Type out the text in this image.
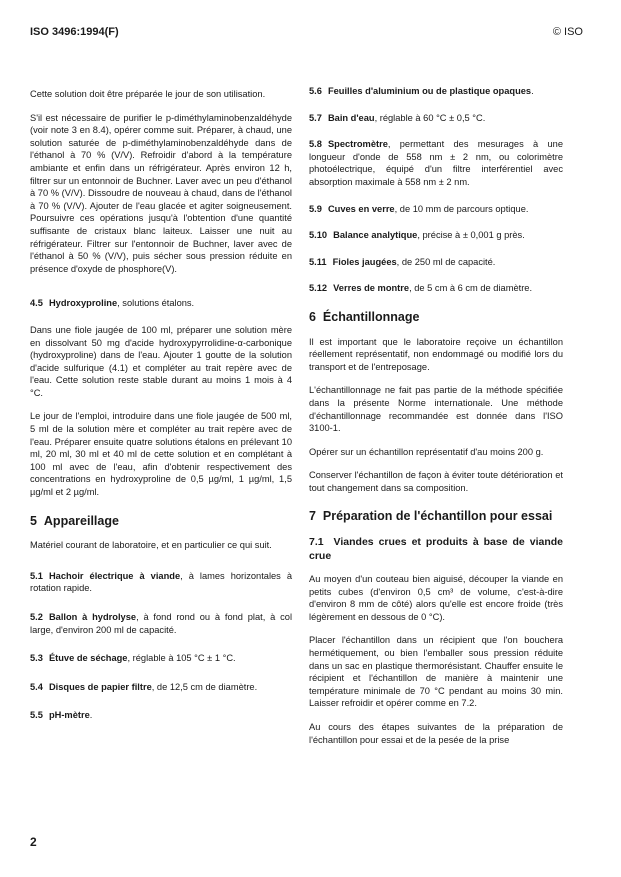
ISO 3496:1994(F)	© ISO

Cette solution doit être préparée le jour de son utilisation.

S'il est nécessaire de purifier le p-diméthylaminobenzaldéhyde (voir note 3 en 8.4), opérer comme suit. Préparer, à chaud, une solution saturée de p-diméthylaminobenzaldéhyde dans de l'éthanol à 70 % (V/V). Refroidir d'abord à la température ambiante et enfin dans un réfrigérateur. Après environ 12 h, filtrer sur un entonnoir de Buchner. Laver avec un peu d'éthanol à 70 % (V/V). Dissoudre de nouveau à chaud, dans de l'éthanol à 70 % (V/V). Ajouter de l'eau glacée et agiter soigneusement. Poursuivre ces opérations jusqu'à l'obtention d'une quantité suffisante de cristaux blanc laiteux. Laisser une nuit au réfrigérateur. Filtrer sur l'entonnoir de Buchner, laver avec de l'éthanol à 50 % (V/V), puis sécher sous pression réduite en présence d'oxyde de phosphore(V).

4.5 Hydroxyproline, solutions étalons.

Dans une fiole jaugée de 100 ml, préparer une solution mère en dissolvant 50 mg d'acide hydroxypyrrolidine-α-carbonique (hydroxyproline) dans de l'eau. Ajouter 1 goutte de la solution d'acide sulfurique (4.1) et compléter au trait repère avec de l'eau. Cette solution reste stable durant au moins 1 mois à 4 °C.

Le jour de l'emploi, introduire dans une fiole jaugée de 500 ml, 5 ml de la solution mère et compléter au trait repère avec de l'eau. Préparer ensuite quatre solutions étalons en prélevant 10 ml, 20 ml, 30 ml et 40 ml de cette solution et en complétant à 100 ml avec de l'eau, afin d'obtenir respectivement des concentrations en hydroxyproline de 0,5 µg/ml, 1 µg/ml, 1,5 µg/ml et 2 µg/ml.

5 Appareillage

Matériel courant de laboratoire, et en particulier ce qui suit.

5.1 Hachoir électrique à viande, à lames horizontales à rotation rapide.
5.2 Ballon à hydrolyse, à fond rond ou à fond plat, à col large, d'environ 200 ml de capacité.
5.3 Étuve de séchage, réglable à 105 °C ± 1 °C.
5.4 Disques de papier filtre, de 12,5 cm de diamètre.
5.5 pH-mètre.
5.6 Feuilles d'aluminium ou de plastique opaques.
5.7 Bain d'eau, réglable à 60 °C ± 0,5 °C.
5.8 Spectromètre, permettant des mesurages à une longueur d'onde de 558 nm ± 2 nm, ou colorimètre photoélectrique, équipé d'un filtre interférentiel avec absorption maximale à 558 nm ± 2 nm.
5.9 Cuves en verre, de 10 mm de parcours optique.
5.10 Balance analytique, précise à ± 0,001 g près.
5.11 Fioles jaugées, de 250 ml de capacité.
5.12 Verres de montre, de 5 cm à 6 cm de diamètre.
6 Échantillonnage

Il est important que le laboratoire reçoive un échantillon réellement représentatif, non endommagé ou modifié lors du transport et de l'entreposage.

L'échantillonnage ne fait pas partie de la méthode spécifiée dans la présente Norme internationale. Une méthode d'échantillonnage recommandée est donnée dans l'ISO 3100-1.

Opérer sur un échantillon représentatif d'au moins 200 g.

Conserver l'échantillon de façon à éviter toute détérioration et tout changement dans sa composition.

7 Préparation de l'échantillon pour essai
7.1 Viandes crues et produits à base de viande crue

Au moyen d'un couteau bien aiguisé, découper la viande en petits cubes (d'environ 0,5 cm³ de volume, c'est-à-dire d'environ 8 mm de côté) alors qu'elle est encore froide (très légèrement en dessous de 0 °C).

Placer l'échantillon dans un récipient que l'on bouchera hermétiquement, ou bien l'emballer sous pression réduite dans un sac en plastique thermorésistant. Chauffer ensuite le récipient et l'échantillon de manière à maintenir une température minimale de 70 °C pendant au moins 30 min. Laisser refroidir et opérer comme en 7.2.

Au cours des étapes suivantes de la préparation de l'échantillon pour essai et de la pesée de la prise

2
